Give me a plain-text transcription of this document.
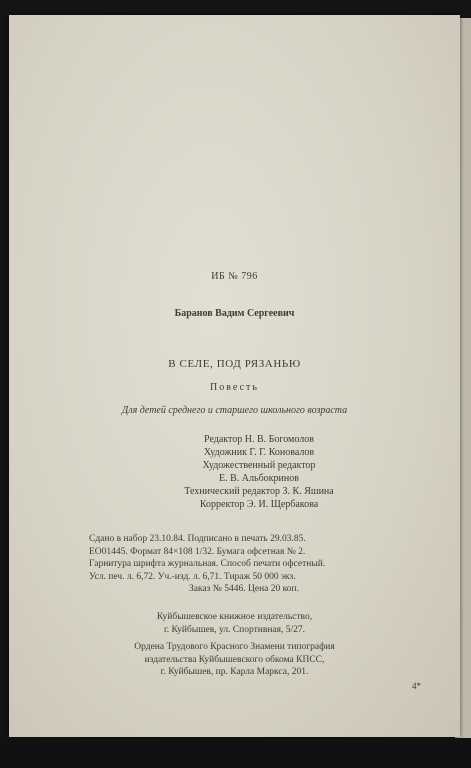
ИБ № 796
Баранов Вадим Сергеевич
В СЕЛЕ, ПОД РЯЗАНЬЮ
Повесть
Для детей среднего и старшего школьного возраста
Редактор Н. В. Богомолов
Художник Г. Г. Коновалов
Художественный редактор
Е. В. Альбокринов
Технический редактор З. К. Яшина
Корректор Э. И. Щербакова
Сдано в набор 23.10.84. Подписано в печать 29.03.85.
ЕО01445. Формат 84×108 1/32. Бумага офсетная № 2.
Гарнитура шрифта журнальная. Способ печати офсетный.
Усл. печ. л. 6,72. Уч.-изд. л. 6,71. Тираж 50 000 экз.
Заказ № 5446. Цена 20 коп.
Куйбышевское книжное издательство,
г. Куйбышев, ул. Спортивная, 5/27.
Ордена Трудового Красного Знамени типография
издательства Куйбышевского обкома КПСС,
г. Куйбышев, пр. Карла Маркса, 201.
4*
